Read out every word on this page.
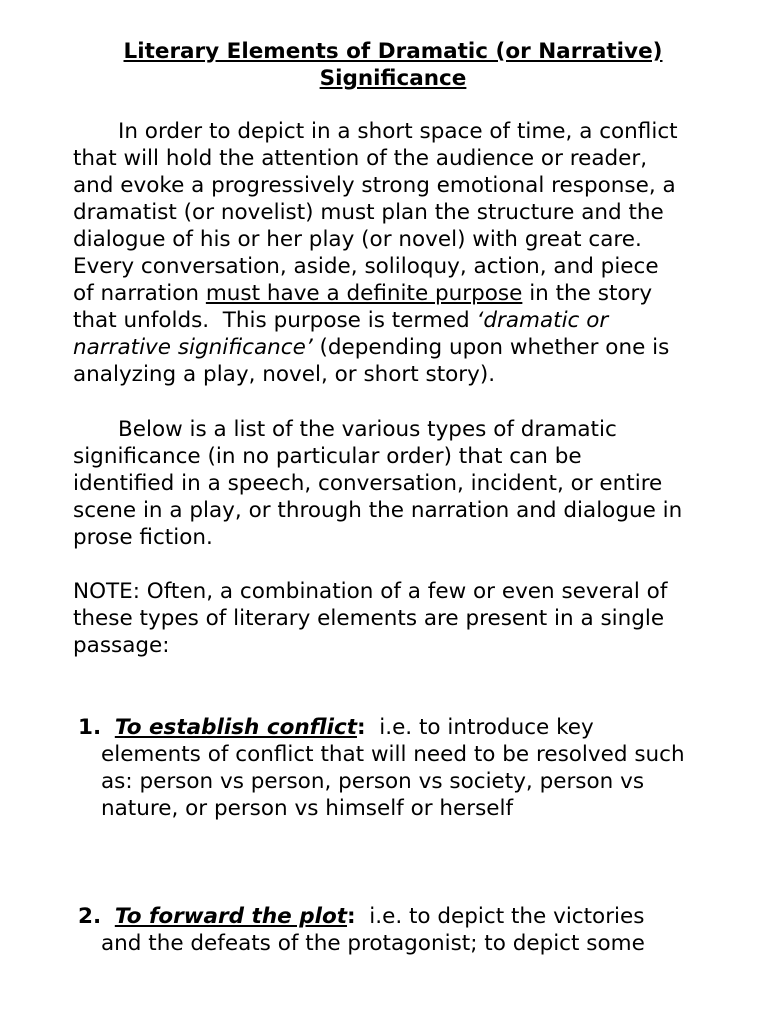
Literary Elements of Dramatic (or Narrative)
Significance
In order to depict in a short space of time, a conflict
that will hold the attention of the audience or reader,
and evoke a progressively strong emotional response, a
dramatist (or novelist) must plan the structure and the
dialogue of his or her play (or novel) with great care.
Every conversation, aside, soliloquy, action, and piece
of narration must have a definite purpose in the story
that unfolds.  This purpose is termed ‘dramatic or
narrative significance’ (depending upon whether one is
analyzing a play, novel, or short story).
Below is a list of the various types of dramatic
significance (in no particular order) that can be
identified in a speech, conversation, incident, or entire
scene in a play, or through the narration and dialogue in
prose fiction.
NOTE: Often, a combination of a few or even several of
these types of literary elements are present in a single
passage:
1. To establish conflict:  i.e. to introduce key
elements of conflict that will need to be resolved such
as: person vs person, person vs society, person vs
nature, or person vs himself or herself
2. To forward the plot:  i.e. to depict the victories
and the defeats of the protagonist; to depict some
